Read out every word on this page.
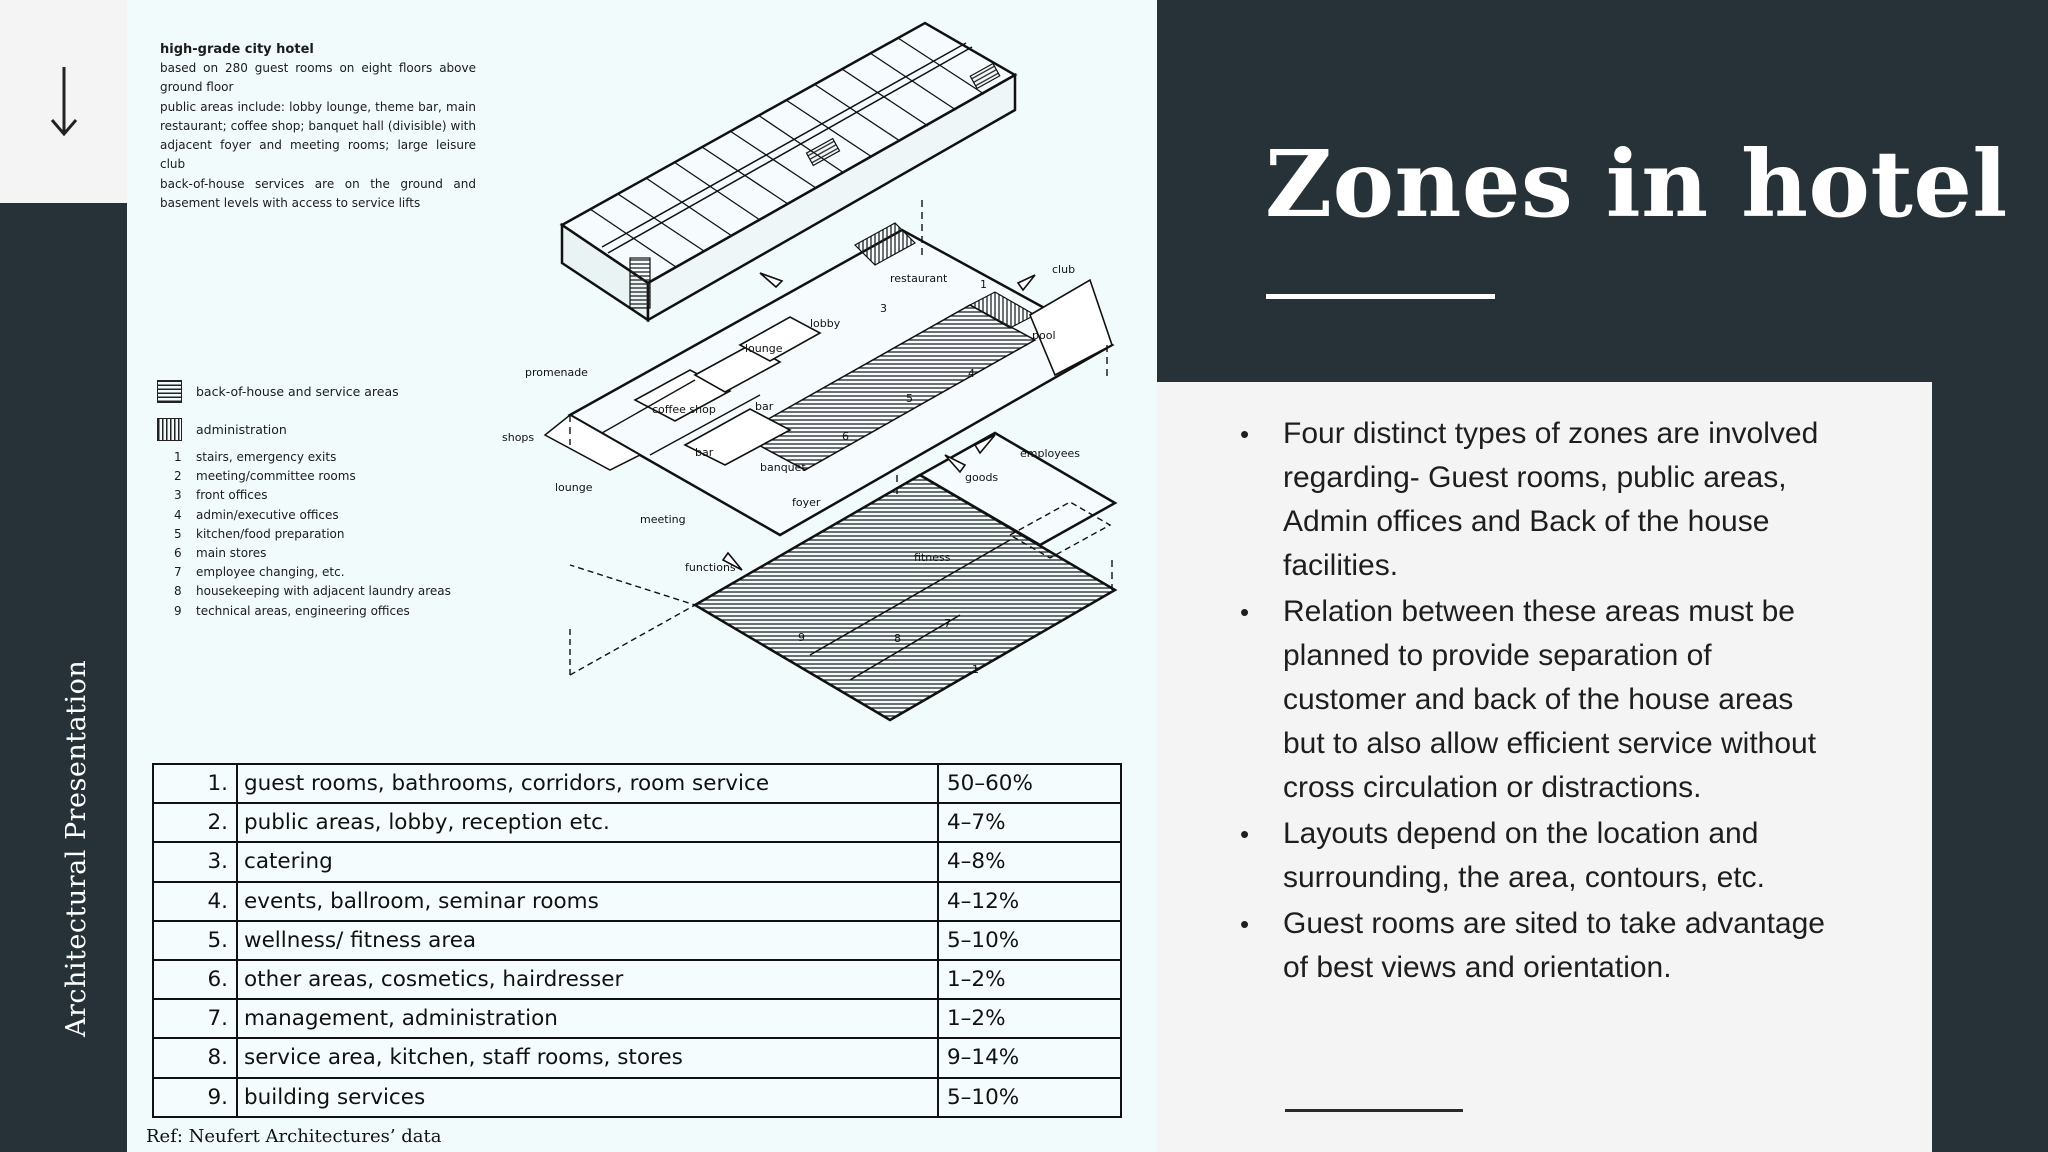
Architectural Presentation
high-grade city hotel

based on 280 guest rooms on eight floors above ground floor

public areas include: lobby lounge, theme bar, main restaurant; coffee shop; banquet hall (divisible) with adjacent foyer and meeting rooms; large leisure club

back-of-house services are on the ground and basement levels with access to service lifts

back-of-house and service areas
administration
1	stairs, emergency exits
2	meeting/committee rooms
3	front offices
4	admin/executive offices
5	kitchen/food preparation
6	main stores
7	employee changing, etc.
8	housekeeping with adjacent laundry areas
9	technical areas, engineering offices
restaurant
club
pool
lobby
lounge
promenade
coffee shop	bar
bar
shops
banquet
foyer
lounge
meeting
employees
goods
functions
fitness
3
4
5
6
7
8
9
1
1
1.	guest rooms, bathrooms, corridors, room service	50–60%
2.	public areas, lobby, reception etc.	4–7%
3.	catering	4–8%
4.	events, ballroom, seminar rooms	4–12%
5.	wellness/ fitness area	5–10%
6.	other areas, cosmetics, hairdresser	1–2%
7.	management, administration	1–2%
8.	service area, kitchen, staff rooms, stores	9–14%
9.	building services	5–10%
Ref: Neufert Architectures’ data
Zones in hotel
• Four distinct types of zones are involved regarding- Guest rooms, public areas, Admin offices and Back of the house facilities.
• Relation between these areas must be planned to provide separation of customer and back of the house areas but to also allow efficient service without cross circulation or distractions.
• Layouts depend on the location and surrounding, the area, contours, etc.
• Guest rooms are sited to take advantage of best views and orientation.
